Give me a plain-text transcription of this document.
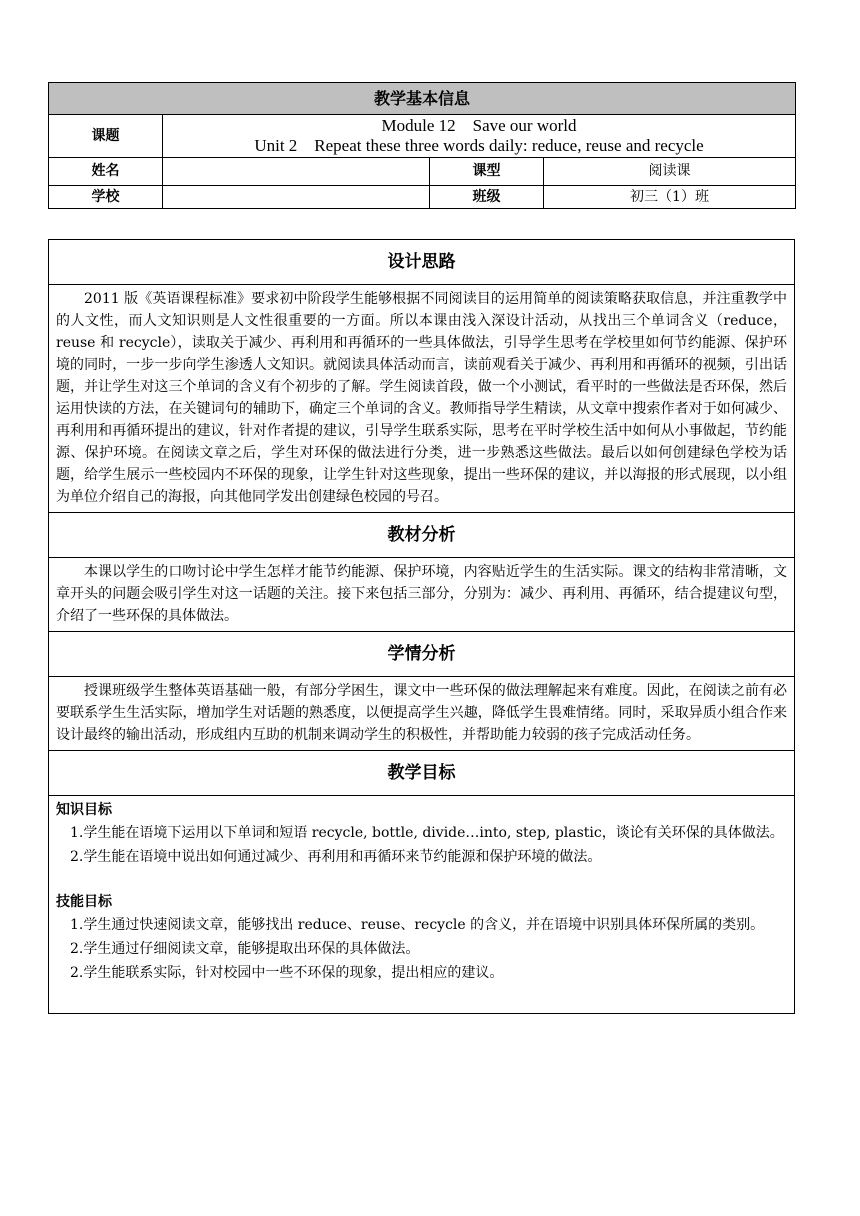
教学基本信息			
课题	Module 12    Save our world
Unit 2    Repeat these three words daily: reduce, reuse and recycle		

姓名		课型	阅读课
学校		班级	初三（1）班
设计思路

2011 版《英语课程标准》要求初中阶段学生能够根据不同阅读目的运用简单的阅读策略获取信息，并注重教学中的人文性，而人文知识则是人文性很重要的一方面。所以本课由浅入深设计活动，从找出三个单词含义（reduce，reuse 和 recycle），读取关于减少、再利用和再循环的一些具体做法，引导学生思考在学校里如何节约能源、保护环境的同时，一步一步向学生渗透人文知识。就阅读具体活动而言，读前观看关于减少、再利用和再循环的视频，引出话题，并让学生对这三个单词的含义有个初步的了解。学生阅读首段，做一个小测试，看平时的一些做法是否环保，然后运用快读的方法，在关键词句的辅助下，确定三个单词的含义。教师指导学生精读，从文章中搜索作者对于如何减少、再利用和再循环提出的建议，针对作者提的建议，引导学生联系实际，思考在平时学校生活中如何从小事做起，节约能源、保护环境。在阅读文章之后，学生对环保的做法进行分类，进一步熟悉这些做法。最后以如何创建绿色学校为话题，给学生展示一些校园内不环保的现象，让学生针对这些现象，提出一些环保的建议，并以海报的形式展现，以小组为单位介绍自己的海报，向其他同学发出创建绿色校园的号召。

教材分析

本课以学生的口吻讨论中学生怎样才能节约能源、保护环境，内容贴近学生的生活实际。课文的结构非常清晰，文章开头的问题会吸引学生对这一话题的关注。接下来包括三部分，分别为：减少、再利用、再循环，结合提建议句型，介绍了一些环保的具体做法。

学情分析

授课班级学生整体英语基础一般，有部分学困生，课文中一些环保的做法理解起来有难度。因此，在阅读之前有必要联系学生生活实际，增加学生对话题的熟悉度，以便提高学生兴趣，降低学生畏难情绪。同时，采取异质小组合作来设计最终的输出活动，形成组内互助的机制来调动学生的积极性，并帮助能力较弱的孩子完成活动任务。

教学目标
知识目标

1.学生能在语境下运用以下单词和短语 recycle, bottle, divide…into, step, plastic，谈论有关环保的具体做法。

2.学生能在语境中说出如何通过减少、再利用和再循环来节约能源和保护环境的做法。

技能目标

1.学生通过快速阅读文章，能够找出 reduce、reuse、recycle 的含义，并在语境中识别具体环保所属的类别。

2.学生通过仔细阅读文章，能够提取出环保的具体做法。

2.学生能联系实际，针对校园中一些不环保的现象，提出相应的建议。
